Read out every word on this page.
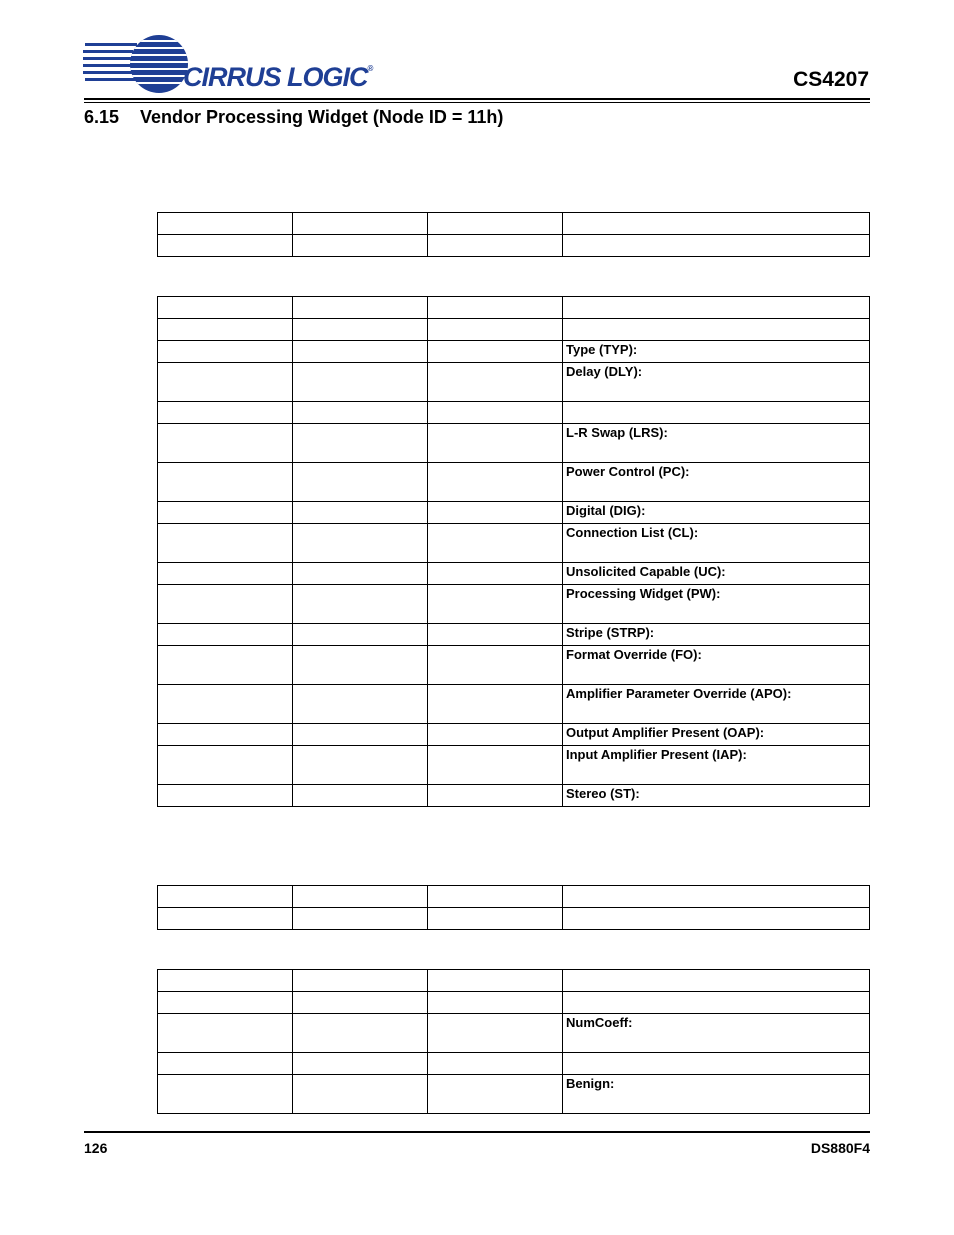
CIRRUS LOGIC®	CS4207
6.15 Vendor Processing Widget (Node ID = 11h)

			Type (TYP):

			Delay (DLY):

			L-R Swap (LRS):

			Power Control (PC):

			Digital (DIG):

			Connection List (CL):

			Unsolicited Capable (UC):

			Processing Widget (PW):

			Stripe (STRP):

			Format Override (FO):

			Amplifier Parameter Override (APO):

			Output Amplifier Present (OAP):

			Input Amplifier Present (IAP):

			Stereo (ST):

			NumCoeff:

			Benign:
126	DS880F4
